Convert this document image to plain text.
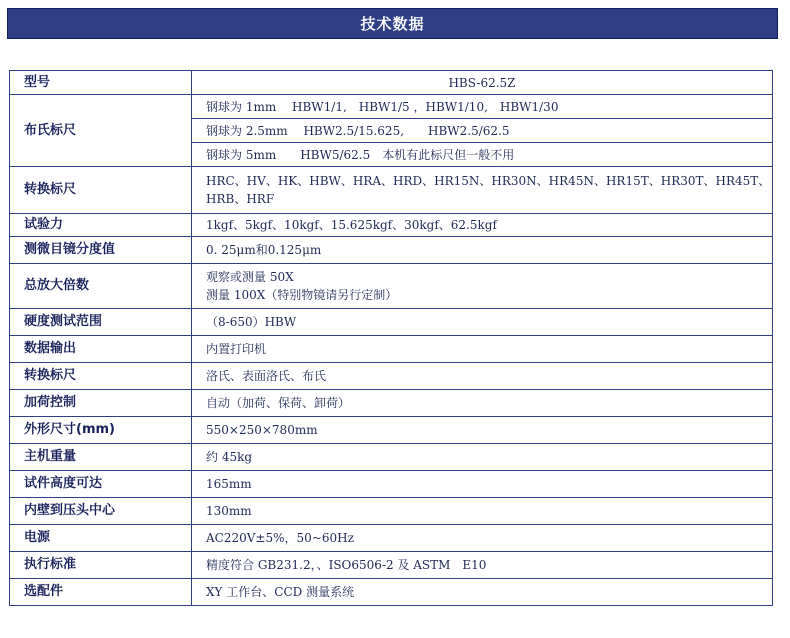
技术数据
型号	HBS-62.5Z
布氏标尺	钢球为 1mm　 HBW1/1,　HBW1/5 ，HBW1/10,　HBW1/30
钢球为 2.5mm　 HBW2.5/15.625,　　HBW2.5/62.5
钢球为 5mm　　HBW5/62.5　本机有此标尺但一般不用

转换标尺	HRC、HV、HK、HBW、HRA、HRD、HR15N、HR30N、HR45N、HR15T、HR30T、HR45T、
HRB、HRF

试验力	1kgf、5kgf、10kgf、15.625kgf、30kgf、62.5kgf
测微目镜分度值	0. 25μm和0.125μm
总放大倍数	观察或测量 50X
测量 100X（特别物镜请另行定制）

硬度测试范围	（8-650）HBW
数据输出	内置打印机
转换标尺	洛氏、表面洛氏、布氏
加荷控制	自动（加荷、保荷、卸荷）
外形尺寸(mm)	550×250×780mm
主机重量	约 45kg
试件高度可达	165mm
内壁到压头中心	130mm
电源	AC220V±5%，50~60Hz
执行标准	精度符合 GB231.2，、ISO6506-2 及 ASTM　E10
选配件	XY 工作台、CCD 测量系统
